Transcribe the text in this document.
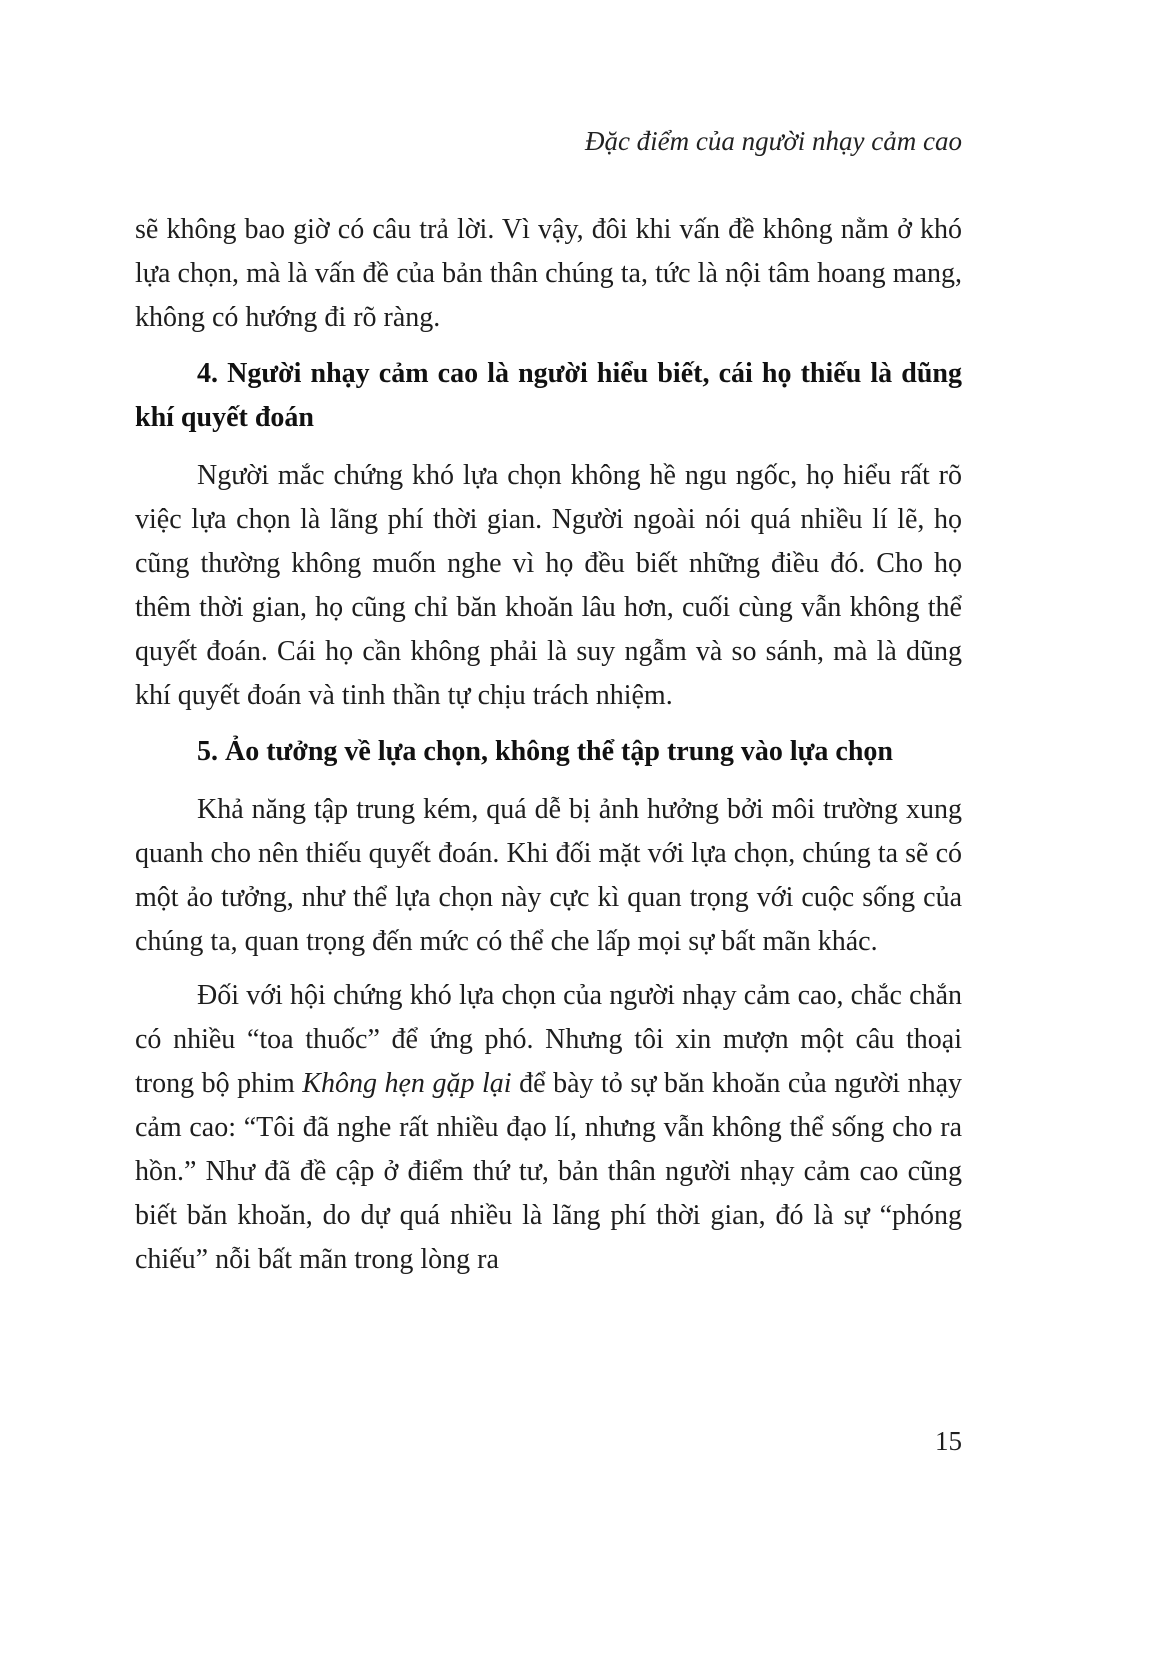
Đặc điểm của người nhạy cảm cao

sẽ không bao giờ có câu trả lời. Vì vậy, đôi khi vấn đề không nằm ở khó lựa chọn, mà là vấn đề của bản thân chúng ta, tức là nội tâm hoang mang, không có hướng đi rõ ràng.

4. Người nhạy cảm cao là người hiểu biết, cái họ thiếu là dũng khí quyết đoán

Người mắc chứng khó lựa chọn không hề ngu ngốc, họ hiểu rất rõ việc lựa chọn là lãng phí thời gian. Người ngoài nói quá nhiều lí lẽ, họ cũng thường không muốn nghe vì họ đều biết những điều đó. Cho họ thêm thời gian, họ cũng chỉ băn khoăn lâu hơn, cuối cùng vẫn không thể quyết đoán. Cái họ cần không phải là suy ngẫm và so sánh, mà là dũng khí quyết đoán và tinh thần tự chịu trách nhiệm.

5. Ảo tưởng về lựa chọn, không thể tập trung vào lựa chọn

Khả năng tập trung kém, quá dễ bị ảnh hưởng bởi môi trường xung quanh cho nên thiếu quyết đoán. Khi đối mặt với lựa chọn, chúng ta sẽ có một ảo tưởng, như thể lựa chọn này cực kì quan trọng với cuộc sống của chúng ta, quan trọng đến mức có thể che lấp mọi sự bất mãn khác.

Đối với hội chứng khó lựa chọn của người nhạy cảm cao, chắc chắn có nhiều “toa thuốc” để ứng phó. Nhưng tôi xin mượn một câu thoại trong bộ phim Không hẹn gặp lại để bày tỏ sự băn khoăn của người nhạy cảm cao: “Tôi đã nghe rất nhiều đạo lí, nhưng vẫn không thể sống cho ra hồn.” Như đã đề cập ở điểm thứ tư, bản thân người nhạy cảm cao cũng biết băn khoăn, do dự quá nhiều là lãng phí thời gian, đó là sự “phóng chiếu” nỗi bất mãn trong lòng ra

15
